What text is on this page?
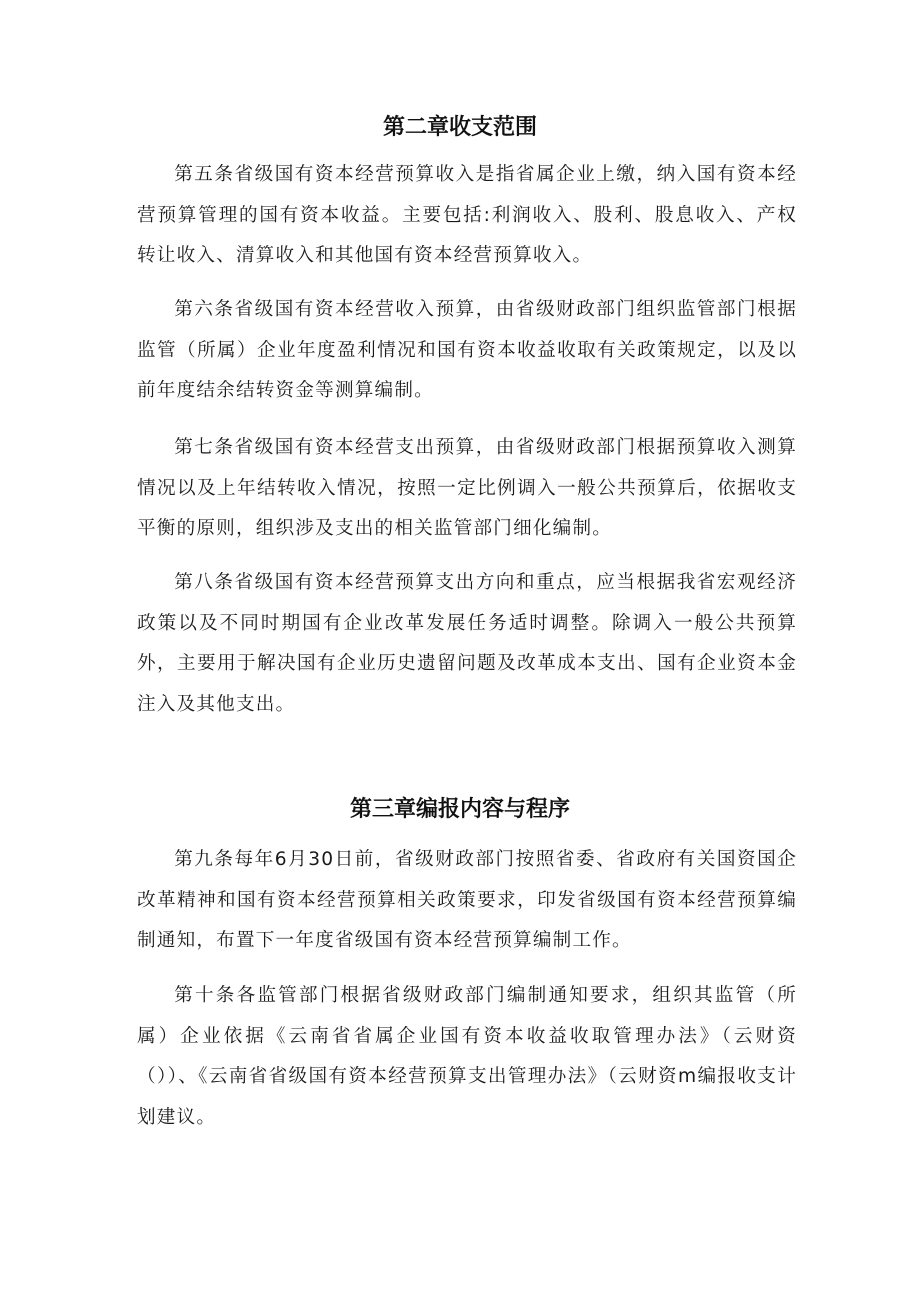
第二章收支范围

第五条省级国有资本经营预算收入是指省属企业上缴，纳入国有资本经营预算管理的国有资本收益。主要包括:利润收入、股利、股息收入、产权转让收入、清算收入和其他国有资本经营预算收入。

第六条省级国有资本经营收入预算，由省级财政部门组织监管部门根据监管（所属）企业年度盈利情况和国有资本收益收取有关政策规定，以及以前年度结余结转资金等测算编制。

第七条省级国有资本经营支出预算，由省级财政部门根据预算收入测算情况以及上年结转收入情况，按照一定比例调入一般公共预算后，依据收支平衡的原则，组织涉及支出的相关监管部门细化编制。

第八条省级国有资本经营预算支出方向和重点，应当根据我省宏观经济政策以及不同时期国有企业改革发展任务适时调整。除调入一般公共预算外，主要用于解决国有企业历史遗留问题及改革成本支出、国有企业资本金注入及其他支出。

第三章编报内容与程序

第九条每年6月30日前，省级财政部门按照省委、省政府有关国资国企改革精神和国有资本经营预算相关政策要求，印发省级国有资本经营预算编制通知，布置下一年度省级国有资本经营预算编制工作。

第十条各监管部门根据省级财政部门编制通知要求，组织其监管（所属）企业依据《云南省省属企业国有资本收益收取管理办法》（云财资（））、《云南省省级国有资本经营预算支出管理办法》（云财资m编报收支计划建议。
